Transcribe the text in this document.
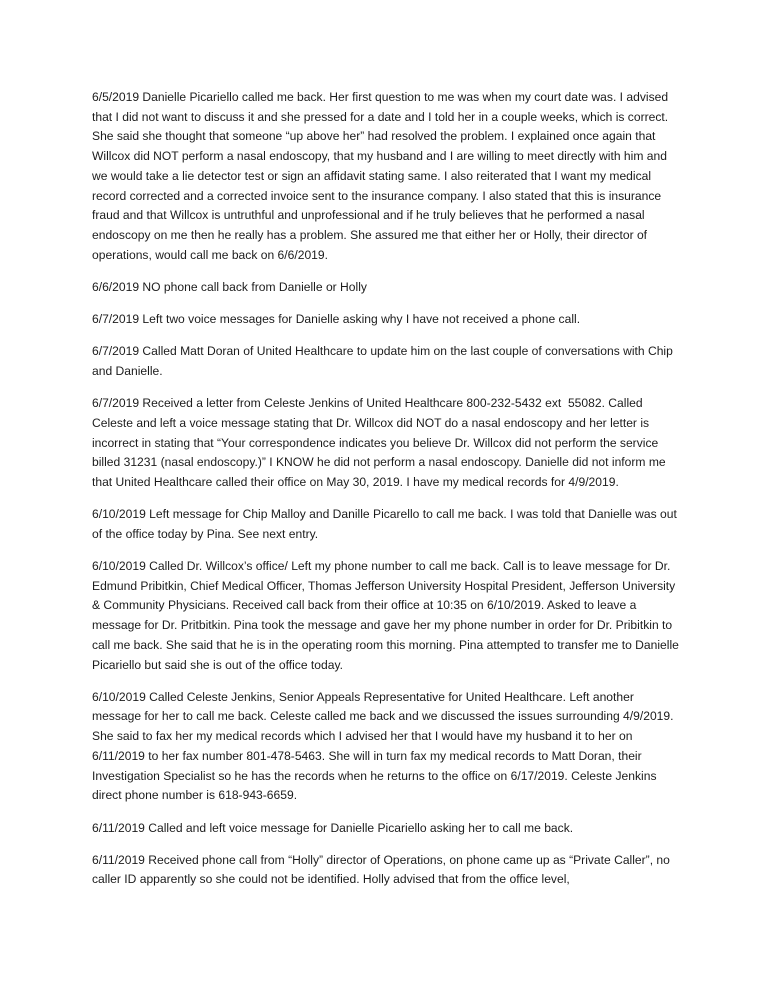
6/5/2019 Danielle Picariello called me back. Her first question to me was when my court date was. I advised that I did not want to discuss it and she pressed for a date and I told her in a couple weeks, which is correct. She said she thought that someone “up above her” had resolved the problem. I explained once again that Willcox did NOT perform a nasal endoscopy, that my husband and I are willing to meet directly with him and we would take a lie detector test or sign an affidavit stating same. I also reiterated that I want my medical record corrected and a corrected invoice sent to the insurance company. I also stated that this is insurance fraud and that Willcox is untruthful and unprofessional and if he truly believes that he performed a nasal endoscopy on me then he really has a problem. She assured me that either her or Holly, their director of operations, would call me back on 6/6/2019.

6/6/2019 NO phone call back from Danielle or Holly

6/7/2019 Left two voice messages for Danielle asking why I have not received a phone call.

6/7/2019 Called Matt Doran of United Healthcare to update him on the last couple of conversations with Chip and Danielle.

6/7/2019 Received a letter from Celeste Jenkins of United Healthcare 800-232-5432 ext  55082. Called Celeste and left a voice message stating that Dr. Willcox did NOT do a nasal endoscopy and her letter is incorrect in stating that “Your correspondence indicates you believe Dr. Willcox did not perform the service billed 31231 (nasal endoscopy.)” I KNOW he did not perform a nasal endoscopy. Danielle did not inform me that United Healthcare called their office on May 30, 2019. I have my medical records for 4/9/2019.

6/10/2019 Left message for Chip Malloy and Danille Picarello to call me back. I was told that Danielle was out of the office today by Pina. See next entry.

6/10/2019 Called Dr. Willcox’s office/ Left my phone number to call me back. Call is to leave message for Dr. Edmund Pribitkin, Chief Medical Officer, Thomas Jefferson University Hospital President, Jefferson University & Community Physicians. Received call back from their office at 10:35 on 6/10/2019. Asked to leave a message for Dr. Pritbitkin. Pina took the message and gave her my phone number in order for Dr. Pribitkin to call me back. She said that he is in the operating room this morning. Pina attempted to transfer me to Danielle Picariello but said she is out of the office today.

6/10/2019 Called Celeste Jenkins, Senior Appeals Representative for United Healthcare. Left another message for her to call me back. Celeste called me back and we discussed the issues surrounding 4/9/2019. She said to fax her my medical records which I advised her that I would have my husband it to her on 6/11/2019 to her fax number 801-478-5463. She will in turn fax my medical records to Matt Doran, their Investigation Specialist so he has the records when he returns to the office on 6/17/2019. Celeste Jenkins direct phone number is 618-943-6659.

6/11/2019 Called and left voice message for Danielle Picariello asking her to call me back.

6/11/2019 Received phone call from “Holly” director of Operations, on phone came up as “Private Caller”, no caller ID apparently so she could not be identified. Holly advised that from the office level,
